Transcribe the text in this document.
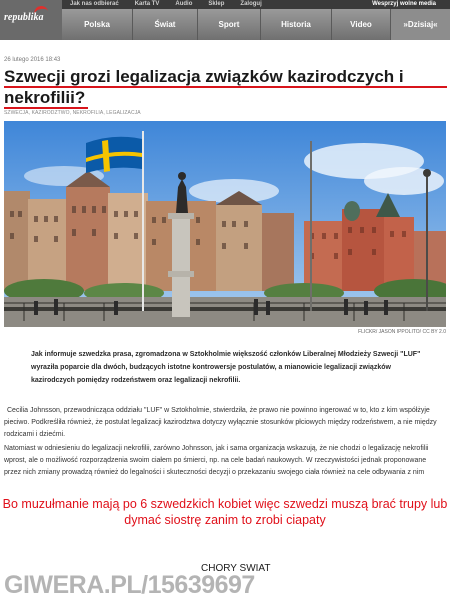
Jak nas odbierać	Karta TV	Audio	Sklep	Zaloguj	Wesprzyj wolne media
republika
Polska	Świat	Sport	Historia	Video	»Dzisiaj«
26 lutego 2016 18:43
Szwecji grozi legalizacja związków kazirodczych i nekrofilii?
SZWECJA, KAZIRODZTWO, NEKROFILIA, LEGALIZACJA
FLICKR/ JASON IPPOLITO/ CC BY 2.0

Jak informuje szwedzka prasa, zgromadzona w Sztokholmie większość członków Liberalnej Młodzieży Szwecji "LUF" wyraziła poparcie dla dwóch, budzących istotne kontrowersje postulatów, a mianowicie legalizacji związków kazirodczych pomiędzy rodzeństwem oraz legalizacji nekrofilii.

Cecilia Johnsson, przewodnicząca oddziału "LUF" w Sztokholmie, stwierdziła, że prawo nie powinno ingerować w to, kto z kim współżyje pieciwo. Podkreśliła również, że postulat legalizacji kazirodztwa dotyczy wyłącznie stosunków płciowych między rodzeństwem, a nie między rodzicami i dziećmi.

Natomiast w odniesieniu do legalizacji nekrofilii, zarówno Johnsson, jak i sama organizacja wskazują, że nie chodzi o legalizację nekrofilii wprost, ale o możliwość rozporządzenia swoim ciałem po śmierci, np. na cele badań naukowych. W rzeczywistości jednak proponowane przez nich zmiany prowadzą również do legalności i skuteczności decyzji o przekazaniu swojego ciała również na cele odbywania z nim

Bo muzułmanie mają po 6 szwedzkich kobiet więc szwedzi muszą brać trupy lub dymać siostrę zanim to zrobi ciapaty

CHORY SWIAT
GIWERA.PL/15639697
